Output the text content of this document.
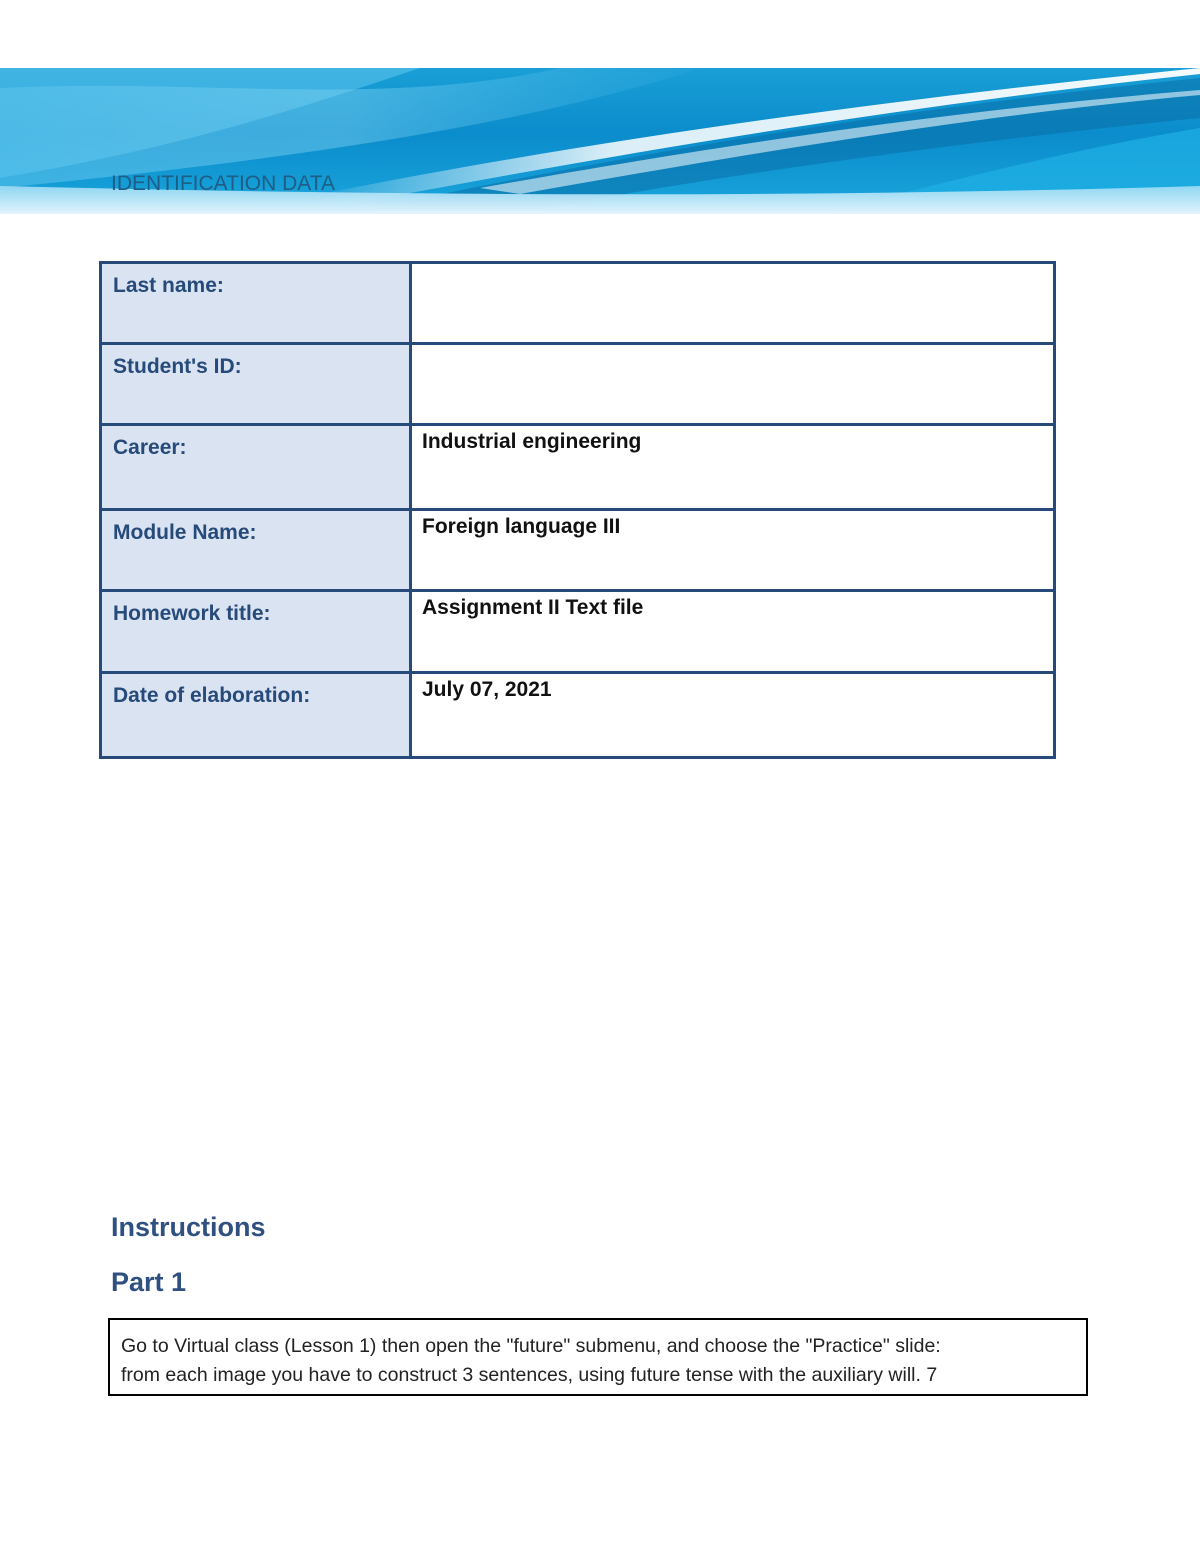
IDENTIFICATION DATA
Last name:	
Student's ID:	
Career:	Industrial engineering
Module Name:	Foreign language III
Homework title:	Assignment II Text file
Date of elaboration:	July 07, 2021
Instructions
Part 1

Go to Virtual class (Lesson 1) then open the "future" submenu, and choose the "Practice" slide:

from each image you have to construct 3 sentences, using future tense with the auxiliary will. 7
